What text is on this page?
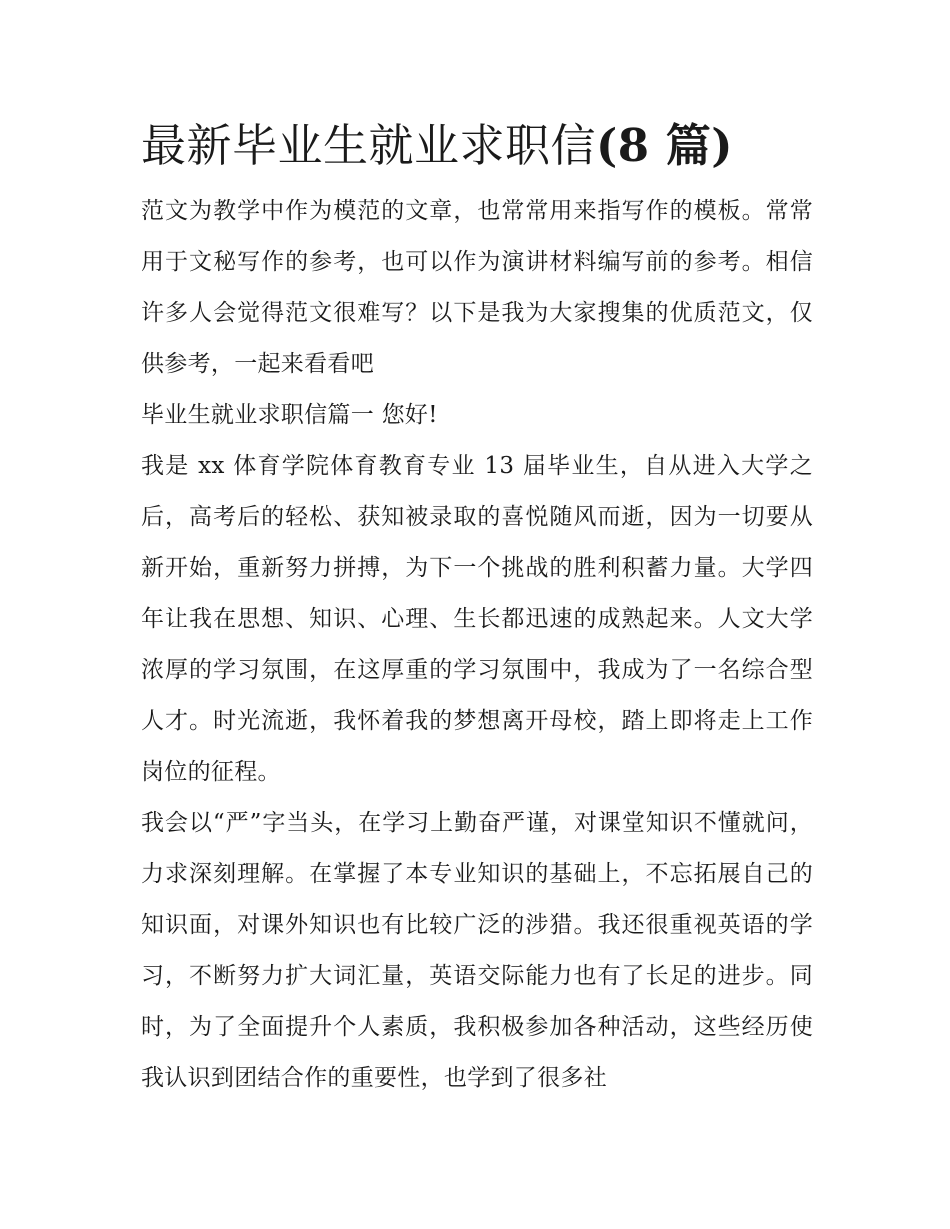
最新毕业生就业求职信(8 篇)

范文为教学中作为模范的文章，也常常用来指写作的模板。常常用于文秘写作的参考，也可以作为演讲材料编写前的参考。相信许多人会觉得范文很难写？以下是我为大家搜集的优质范文，仅供参考，一起来看看吧

毕业生就业求职信篇一 您好!

我是 xx 体育学院体育教育专业 13 届毕业生，自从进入大学之后，高考后的轻松、获知被录取的喜悦随风而逝，因为一切要从新开始，重新努力拼搏，为下一个挑战的胜利积蓄力量。大学四年让我在思想、知识、心理、生长都迅速的成熟起来。人文大学浓厚的学习氛围，在这厚重的学习氛围中，我成为了一名综合型人才。时光流逝，我怀着我的梦想离开母校，踏上即将走上工作岗位的征程。

我会以“严”字当头，在学习上勤奋严谨，对课堂知识不懂就问，力求深刻理解。在掌握了本专业知识的基础上，不忘拓展自己的知识面，对课外知识也有比较广泛的涉猎。我还很重视英语的学习，不断努力扩大词汇量，英语交际能力也有了长足的进步。同时，为了全面提升个人素质，我积极参加各种活动，这些经历使我认识到团结合作的重要性，也学到了很多社
